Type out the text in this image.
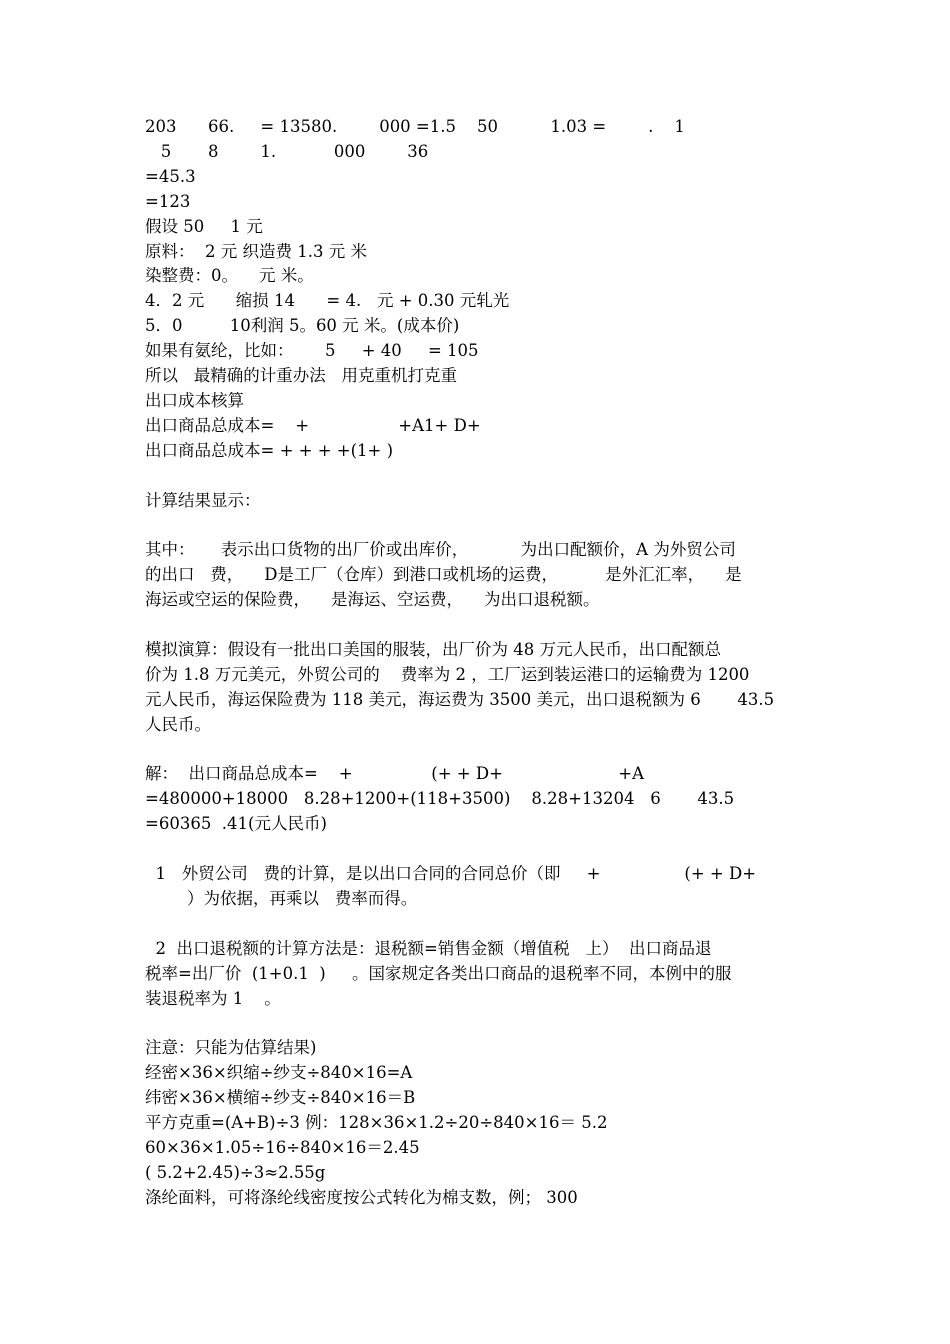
203      66.     = 13580.        000 =1.5    50          1.03 =        .    1
5       8        1.           000        36
=45.3
=123
假设 50     1 元
原料：  2 元 织造费 1.3 元 米
染整费：0。    元 米。
4．2 元      缩损 14      = 4.   元 + 0.30 元轧光
5．0         10利润 5。60 元 米。(成本价)
如果有氨纶，比如：      5     + 40     = 105
所以   最精确的计重办法   用克重机打克重
出口成本核算
出口商品总成本=    +                 +A1+ D+
出口商品总成本= + + + +(1+ )
计算结果显示：
其中：     表示出口货物的出厂价或出库价，          为出口配额价，A 为外贸公司
的出口   费，    D是工厂（仓库）到港口或机场的运费，         是外汇汇率，    是
海运或空运的保险费，    是海运、空运费，    为出口退税额。
模拟演算：假设有一批出口美国的服装，出厂价为 48 万元人民币，出口配额总
价为 1.8 万元美元，外贸公司的    费率为 2 ，工厂运到装运港口的运输费为 1200
元人民币，海运保险费为 118 美元，海运费为 3500 美元，出口退税额为 6       43.5
人民币。
解：  出口商品总成本=    +               (+ + D+                      +A
=480000+18000   8.28+1200+(118+3500)    8.28+13204   6       43.5
=60365  .41(元人民币)
1   外贸公司   费的计算，是以出口合同的合同总价（即     +                (+ + D+
）为依据，再乘以   费率而得。
2  出口退税额的计算方法是：退税额=销售金额（增值税   上）  出口商品退
税率=出厂价  (1+0.1  )     。国家规定各类出口商品的退税率不同，本例中的服
装退税率为 1    。
注意：只能为估算结果)
经密×36×织缩÷纱支÷840×16=A
纬密×36×横缩÷纱支÷840×16＝B
平方克重=(A+B)÷3 例：128×36×1.2÷20÷840×16＝ 5.2
60×36×1.05÷16÷840×16＝2.45
( 5.2+2.45)÷3≈2.55g
涤纶面料，可将涤纶线密度按公式转化为棉支数，例； 300
